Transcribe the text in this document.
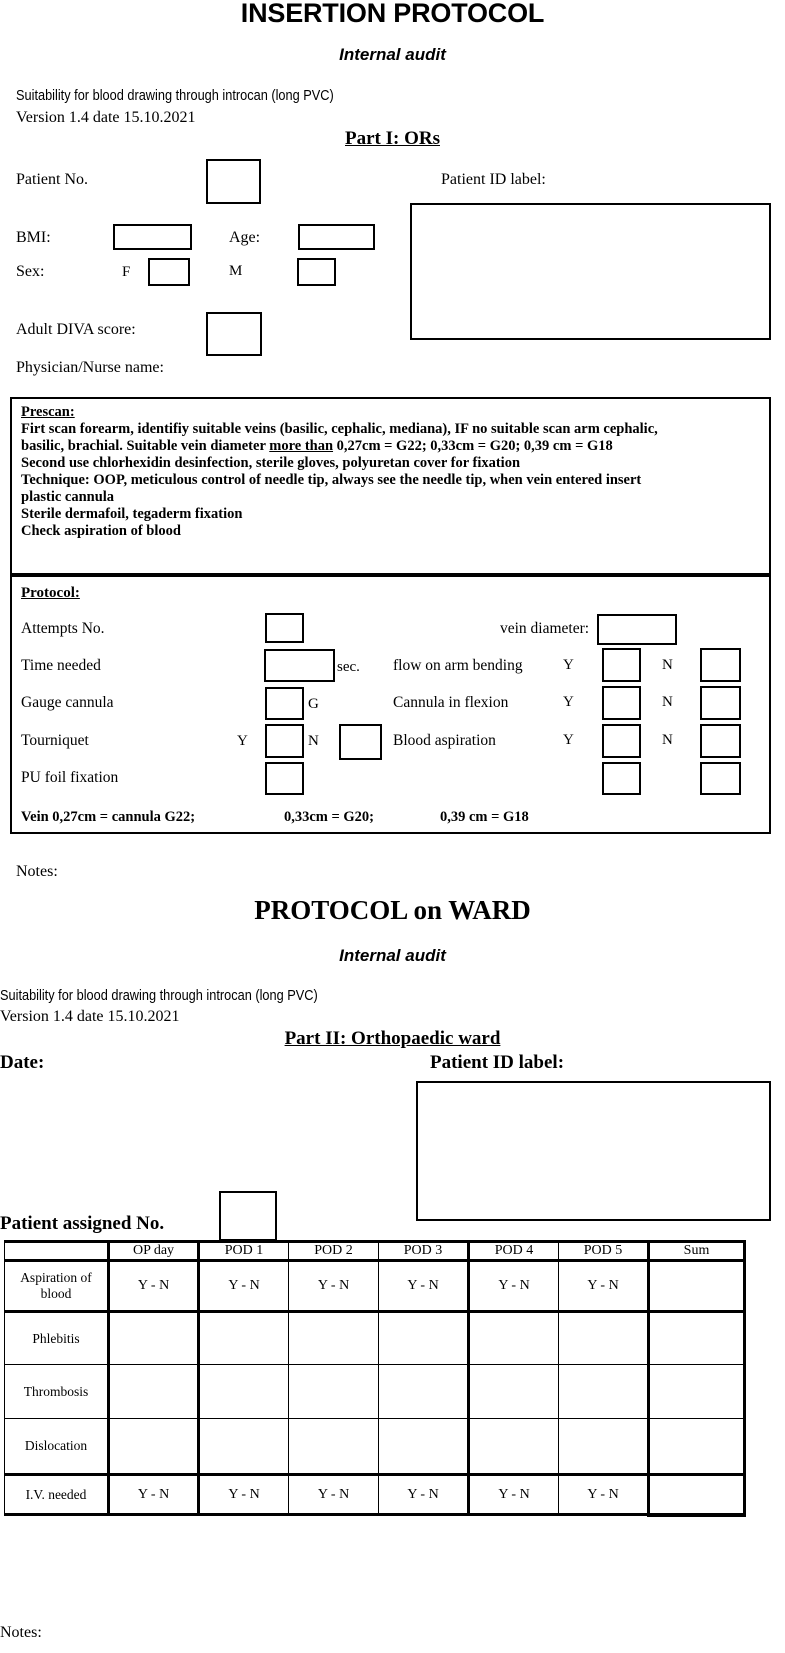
INSERTION PROTOCOL
Internal audit
Suitability for blood drawing through introcan (long PVC)
Version 1.4 date 15.10.2021
Part I: ORs
Patient No.	Patient ID label:
BMI:	Age:
Sex:	F	M
Adult DIVA score:
Physician/Nurse name:
Prescan:
Firt scan forearm, identifiy suitable veins (basilic, cephalic, mediana), IF no suitable scan arm cephalic,
basilic, brachial. Suitable vein diameter more than 0,27cm = G22; 0,33cm = G20; 0,39 cm = G18
Second use chlorhexidin desinfection, sterile gloves, polyuretan cover for fixation
Technique: OOP, meticulous control of needle tip, always see the needle tip, when vein entered insert
plastic cannula
Sterile dermafoil, tegaderm fixation
Check aspiration of blood
Protocol:
Attempts No.	vein diameter:
Time needed	sec. flow on arm bending	Y	N
Gauge cannula	G	Cannula in flexion	Y	N
Tourniquet	Y	N	Blood aspiration	Y	N
PU foil fixation
Vein 0,27cm = cannula G22;	0,33cm = G20;	0,39 cm = G18
Notes:
PROTOCOL on WARD
Internal audit
Suitability for blood drawing through introcan (long PVC)
Version 1.4 date 15.10.2021
Part II: Orthopaedic ward
Date:	Patient ID label:
Patient assigned No.
	OP day	POD 1	POD 2	POD 3	POD 4	POD 5	Sum
Aspiration of blood	Y - N	Y - N	Y - N	Y - N	Y - N	Y - N	
Phlebitis							
Thrombosis							
Dislocation							
I.V. needed	Y - N	Y - N	Y - N	Y - N	Y - N	Y - N	
Notes:
